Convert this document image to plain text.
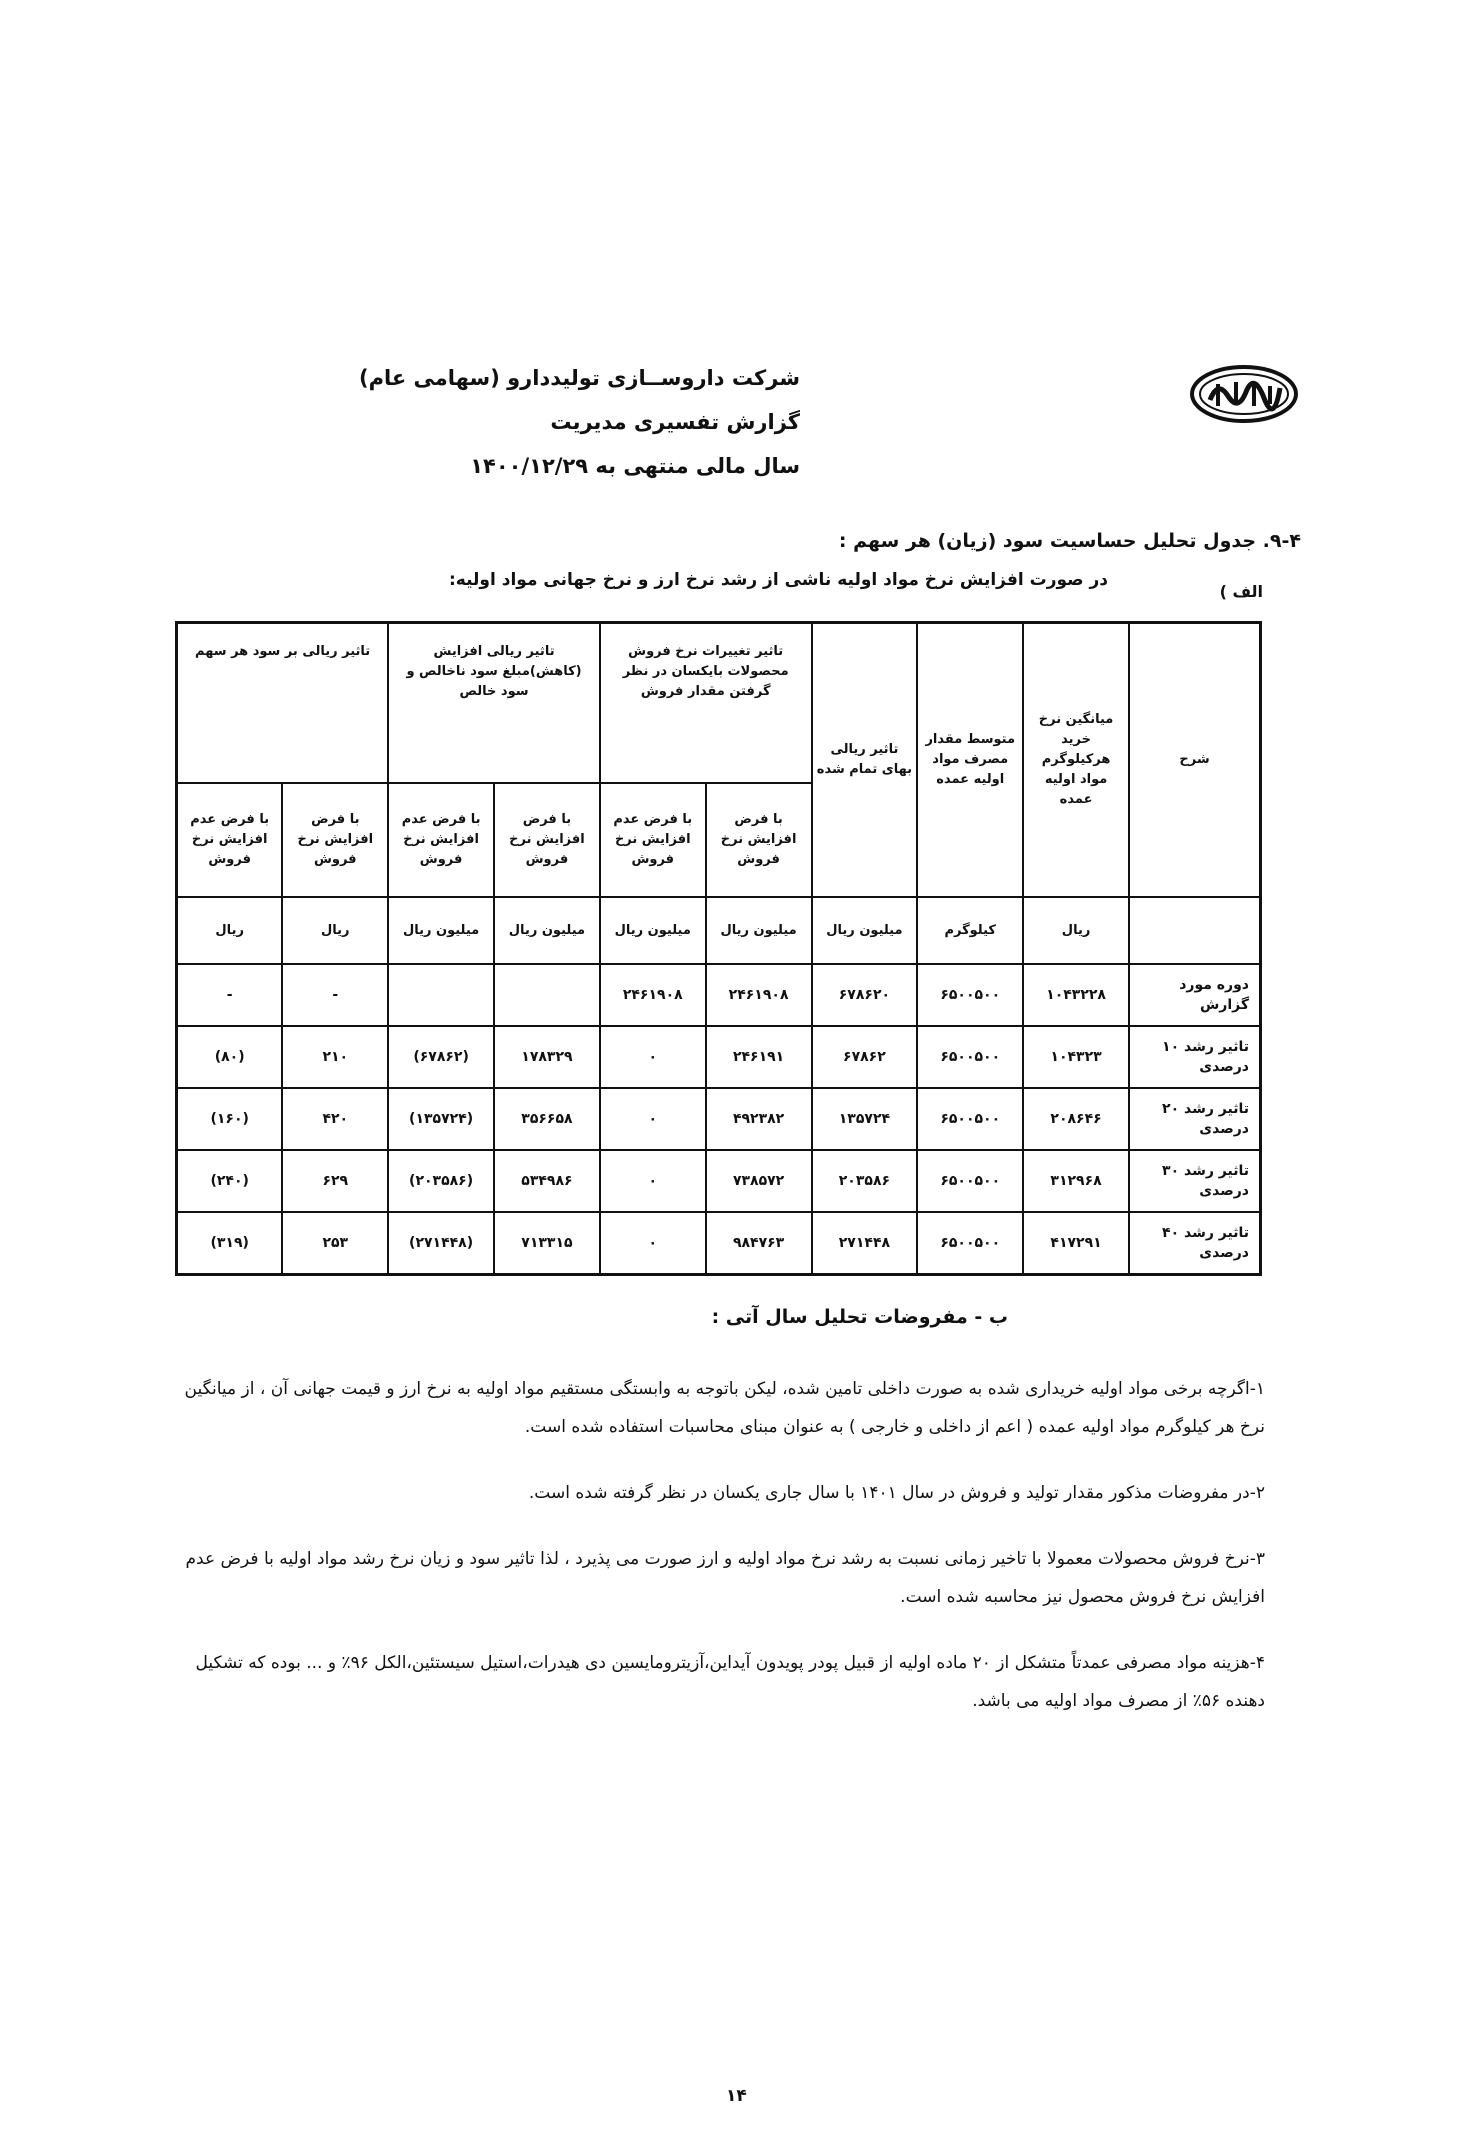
شرکت داروســازی تولیددارو (سهامی عام)
گزارش تفسیری مدیریت
سال مالی منتهی به ۱۴۰۰/۱۲/۲۹
۹-۴. جدول تحلیل حساسیت سود (زیان) هر سهم :
در صورت افزایش نرخ مواد اولیه ناشی از رشد نرخ ارز و نرخ جهانی مواد اولیه:
الف )
شرح	میانگین نرخ خرید هرکیلوگرم مواد اولیه عمده	متوسط مقدار مصرف مواد اولیه عمده	تاثیر ریالی بهای تمام شده	تاثیر تغییرات نرخ فروش محصولات بایکسان در نظر گرفتن مقدار فروش		تاثیر ریالی افزایش (کاهش)مبلغ سود ناخالص و سود خالص		تاثیر ریالی بر سود هر سهم	
				با فرض افزایش نرخ فروش	با فرض عدم افزایش نرخ فروش	با فرض افزایش نرخ فروش	با فرض عدم افزایش نرخ فروش	با فرض افزایش نرخ فروش	با فرض عدم افزایش نرخ فروش
	ریال	کیلوگرم	میلیون ریال	میلیون ریال	میلیون ریال	میلیون ریال	میلیون ریال	ریال	ریال
دوره مورد گزارش	۱۰۴۳۲۲۸	۶۵۰۰۵۰۰	۶۷۸۶۲۰	۲۴۶۱۹۰۸	۲۴۶۱۹۰۸			-	-
تاثیر رشد ۱۰ درصدی	۱۰۴۳۲۳	۶۵۰۰۵۰۰	۶۷۸۶۲	۲۴۶۱۹۱	۰	۱۷۸۳۲۹	(۶۷۸۶۲)	۲۱۰	(۸۰)
تاثیر رشد ۲۰ درصدی	۲۰۸۶۴۶	۶۵۰۰۵۰۰	۱۳۵۷۲۴	۴۹۲۳۸۲	۰	۳۵۶۶۵۸	(۱۳۵۷۲۴)	۴۲۰	(۱۶۰)
تاثیر رشد ۳۰ درصدی	۳۱۲۹۶۸	۶۵۰۰۵۰۰	۲۰۳۵۸۶	۷۳۸۵۷۲	۰	۵۳۴۹۸۶	(۲۰۳۵۸۶)	۶۲۹	(۲۴۰)
تاثیر رشد ۴۰ درصدی	۴۱۷۲۹۱	۶۵۰۰۵۰۰	۲۷۱۴۴۸	۹۸۴۷۶۳	۰	۷۱۳۳۱۵	(۲۷۱۴۴۸)	۲۵۳	(۳۱۹)
ب - مفروضات تحلیل سال آتی :
۱-اگرچه برخی مواد اولیه خریداری شده به صورت داخلی تامین شده، لیکن باتوجه به وابستگی مستقیم مواد اولیه به نرخ ارز و قیمت جهانی آن ، از میانگین نرخ هر کیلوگرم مواد اولیه عمده ( اعم از داخلی و خارجی ) به عنوان مبنای محاسبات استفاده شده است.
۲-در مفروضات مذکور مقدار تولید و فروش در سال ۱۴۰۱ با سال جاری یکسان در نظر گرفته شده است.
۳-نرخ فروش محصولات معمولا با تاخیر زمانی نسبت به رشد نرخ مواد اولیه و ارز صورت می پذیرد ، لذا تاثیر سود و زیان نرخ رشد مواد اولیه با فرض عدم افزایش نرخ فروش محصول نیز محاسبه شده است.
۴-هزینه مواد مصرفی عمدتاً متشکل از ۲۰ ماده اولیه از قبیل پودر پویدون آیداین،آزیترومایسین دی هیدرات،استیل سیستئین،الکل ۹۶٪ و ... بوده که تشکیل دهنده ۵۶٪ از مصرف مواد اولیه می باشد.
۱۴
